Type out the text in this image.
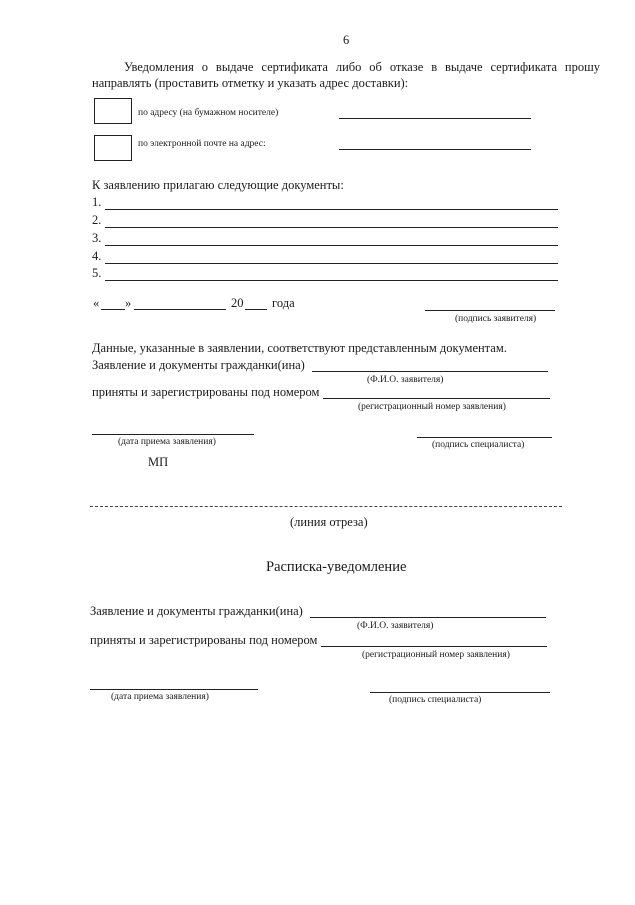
6
Уведомления о выдаче сертификата либо об отказе в выдаче сертификата прошу направлять (проставить отметку и указать адрес доставки):
по адресу (на бумажном носителе)
по электронной почте на адрес:
К заявлению прилагаю следующие документы:
1.
2.
3.
4.
5.
« »	20 года
(подпись заявителя)
Данные, указанные в заявлении, соответствуют представленным документам.
Заявление и документы гражданки(ина)
(Ф.И.О. заявителя)
приняты и зарегистрированы под номером
(регистрационный номер заявления)
(дата приема заявления)	(подпись специалиста)
МП
(линия отреза)
Расписка-уведомление
Заявление и документы гражданки(ина)
(Ф.И.О. заявителя)
приняты и зарегистрированы под номером
(регистрационный номер заявления)
(дата приема заявления)	(подпись специалиста)
